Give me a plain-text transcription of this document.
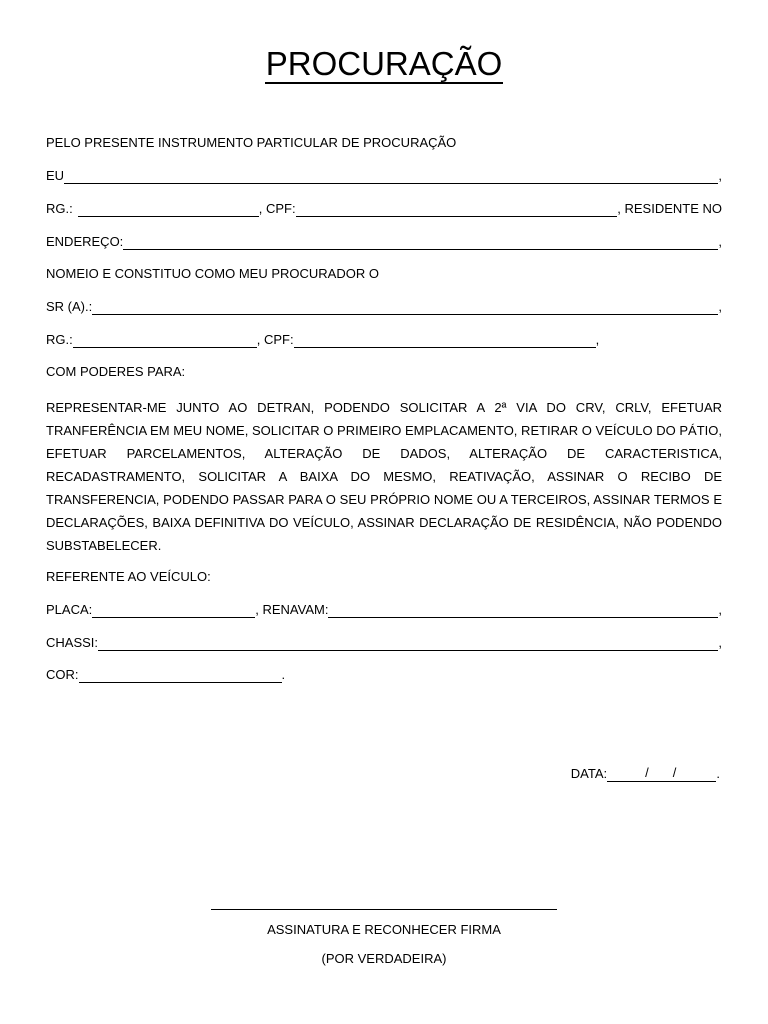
PROCURAÇÃO
PELO PRESENTE INSTRUMENTO PARTICULAR DE PROCURAÇÃO
EU	,
RG.:	, CPF:	, RESIDENTE NO
ENDEREÇO:	,
NOMEIO E CONSTITUO COMO MEU PROCURADOR O
SR (A).:	,
RG.:	, CPF:	,
COM PODERES PARA:
REPRESENTAR-ME JUNTO AO DETRAN, PODENDO SOLICITAR A 2ª VIA DO CRV, CRLV, EFETUAR TRANFERÊNCIA EM MEU NOME, SOLICITAR O PRIMEIRO EMPLACAMENTO, RETIRAR O VEÍCULO DO PÁTIO, EFETUAR PARCELAMENTOS, ALTERAÇÃO DE DADOS, ALTERAÇÃO DE CARACTERISTICA, RECADASTRAMENTO, SOLICITAR A BAIXA DO MESMO, REATIVAÇÃO, ASSINAR O RECIBO DE TRANSFERENCIA, PODENDO PASSAR PARA O SEU PRÓPRIO NOME OU A TERCEIROS, ASSINAR TERMOS E DECLARAÇÕES, BAIXA DEFINITIVA DO VEÍCULO, ASSINAR DECLARAÇÃO DE RESIDÊNCIA, NÃO PODENDO SUBSTABELECER.
REFERENTE AO VEÍCULO:
PLACA:	, RENAVAM:	,
CHASSI:	,
COR:	.
DATA:	/ /	.
ASSINATURA E RECONHECER FIRMA
(POR VERDADEIRA)
